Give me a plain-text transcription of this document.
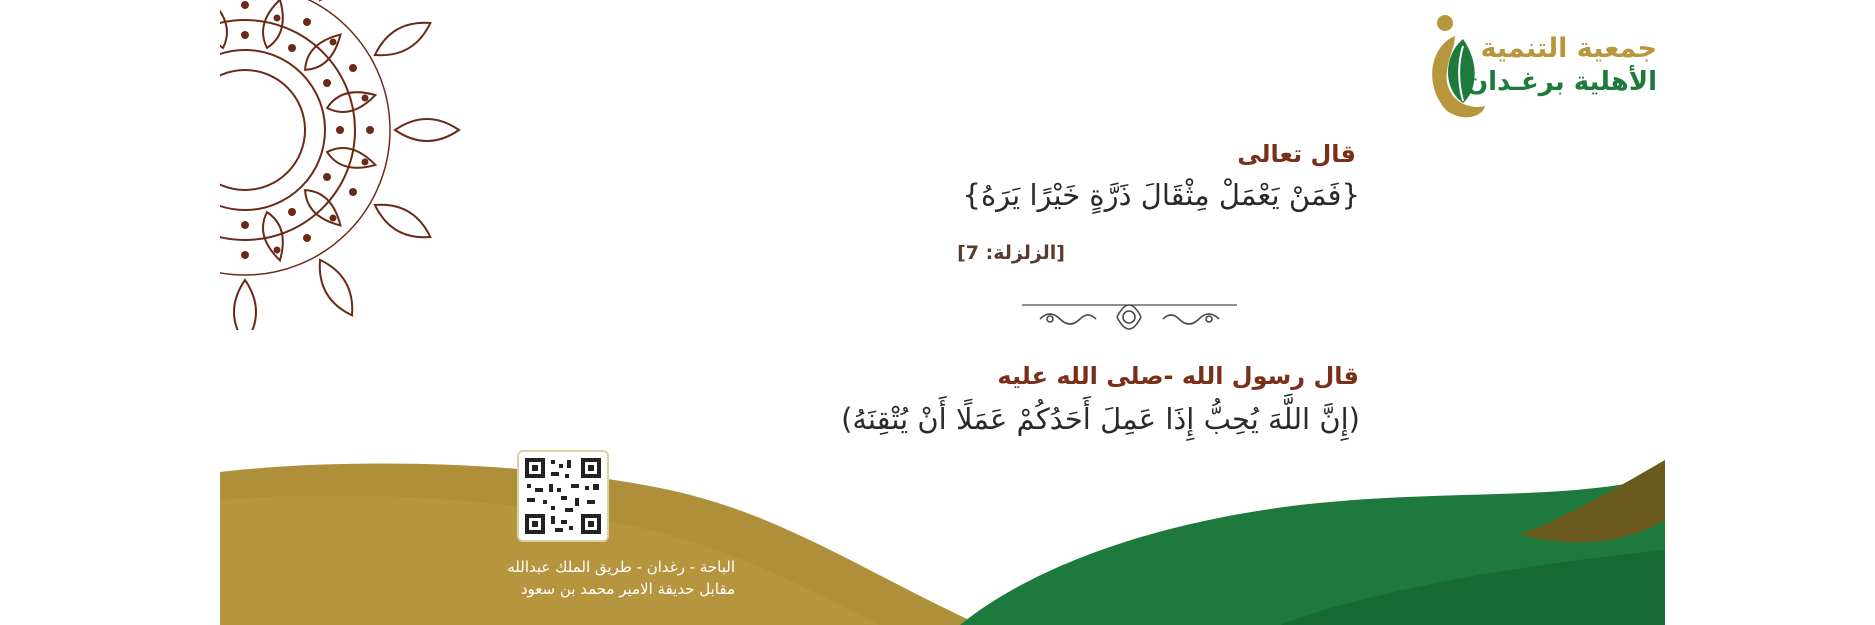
جمعية التنمية
الأهلية برغـدان
قال تعالى
{فَمَنْ يَعْمَلْ مِثْقَالَ ذَرَّةٍ خَيْرًا يَرَهُ}
[الزلزلة: 7]
قال رسول الله -صلى الله عليه
(إِنَّ اللَّهَ يُحِبُّ إِذَا عَمِلَ أَحَدُكُمْ عَمَلًا أَنْ يُتْقِنَهُ)
الباحة - رغدان - طريق الملك عبدالله
مقابل حديقة الامير محمد بن سعود
